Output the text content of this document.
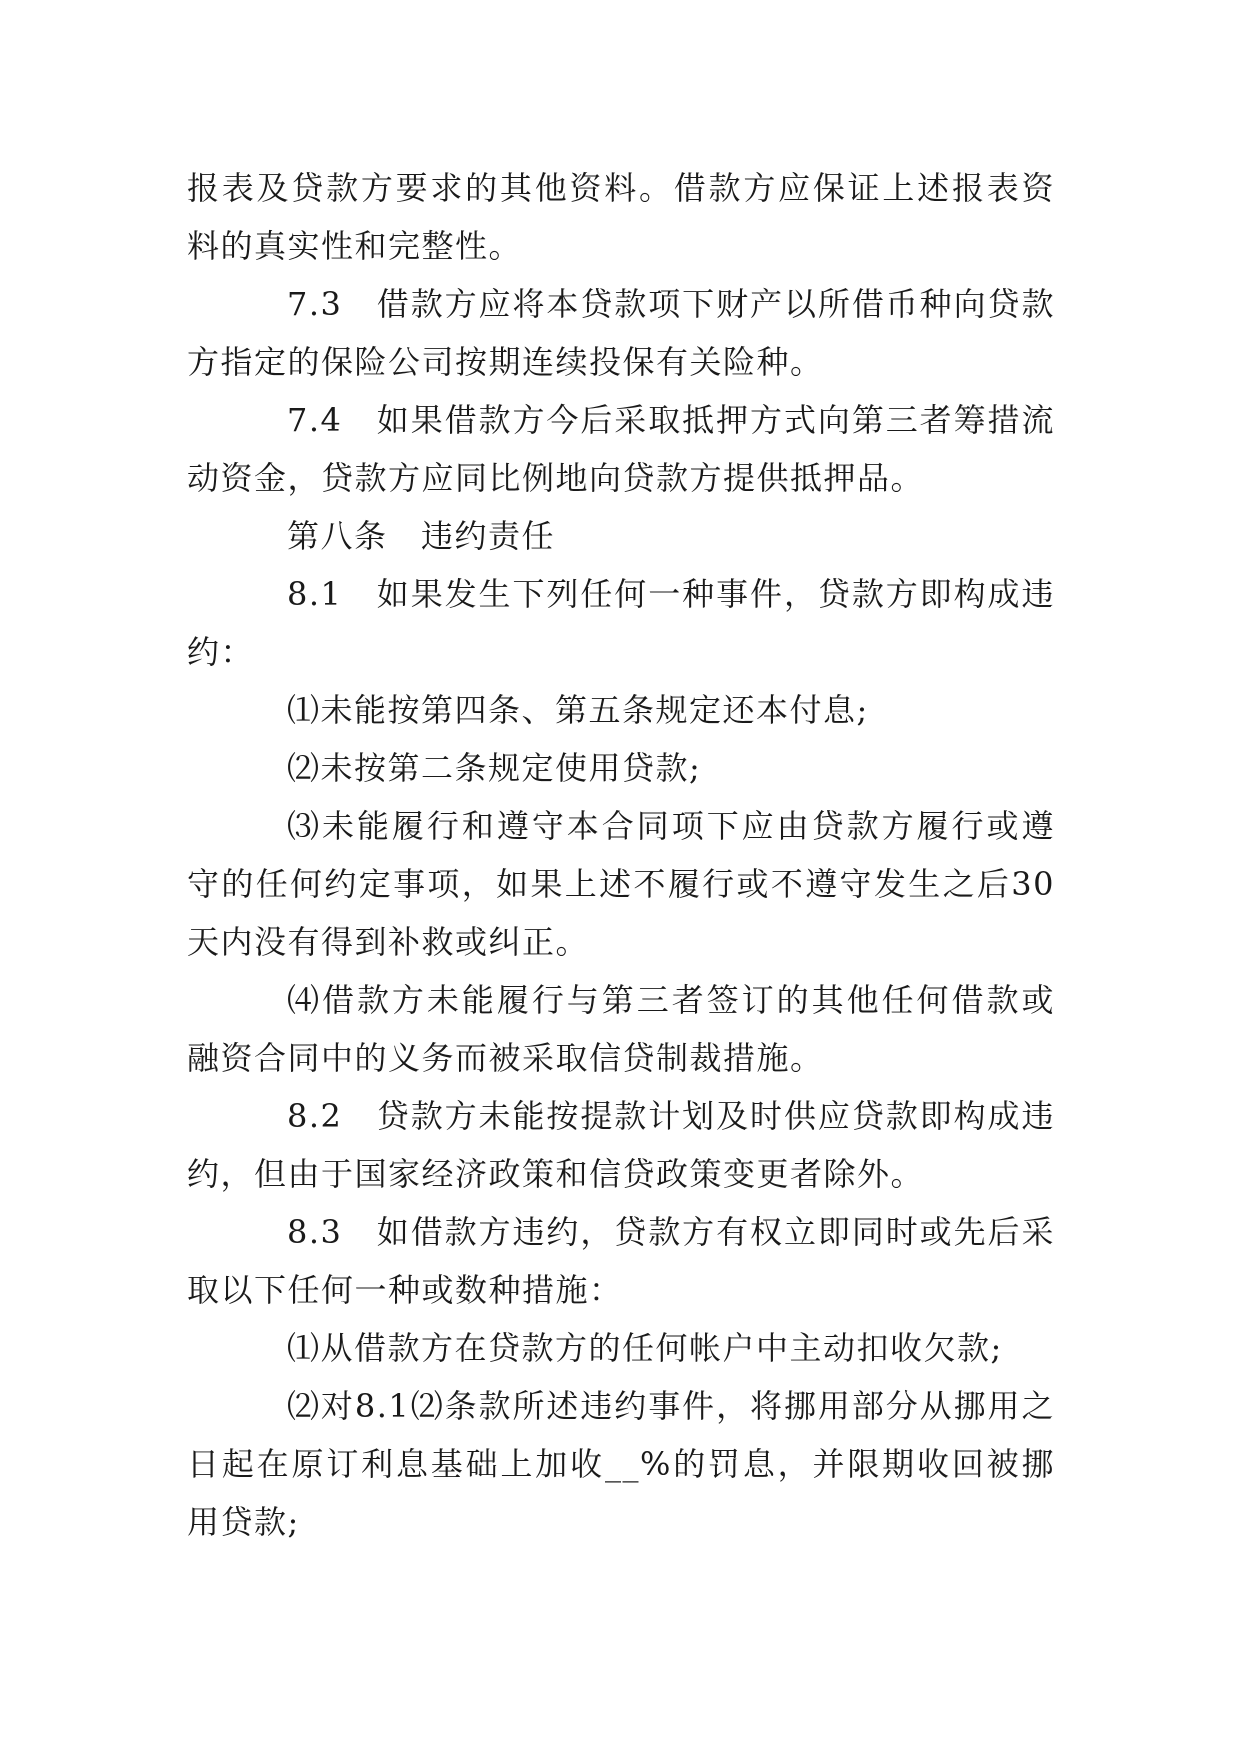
报表及贷款方要求的其他资料。借款方应保证上述报表资料的真实性和完整性。

7.3　借款方应将本贷款项下财产以所借币种向贷款方指定的保险公司按期连续投保有关险种。

7.4　如果借款方今后采取抵押方式向第三者筹措流动资金，贷款方应同比例地向贷款方提供抵押品。

第八条　违约责任

8.1　如果发生下列任何一种事件，贷款方即构成违约：

⑴未能按第四条、第五条规定还本付息;

⑵未按第二条规定使用贷款;

⑶未能履行和遵守本合同项下应由贷款方履行或遵守的任何约定事项，如果上述不履行或不遵守发生之后30天内没有得到补救或纠正。

⑷借款方未能履行与第三者签订的其他任何借款或融资合同中的义务而被采取信贷制裁措施。

8.2　贷款方未能按提款计划及时供应贷款即构成违约，但由于国家经济政策和信贷政策变更者除外。

8.3　如借款方违约，贷款方有权立即同时或先后采取以下任何一种或数种措施：

⑴从借款方在贷款方的任何帐户中主动扣收欠款;

⑵对8.1⑵条款所述违约事件，将挪用部分从挪用之日起在原订利息基础上加收__%的罚息，并限期收回被挪用贷款;
